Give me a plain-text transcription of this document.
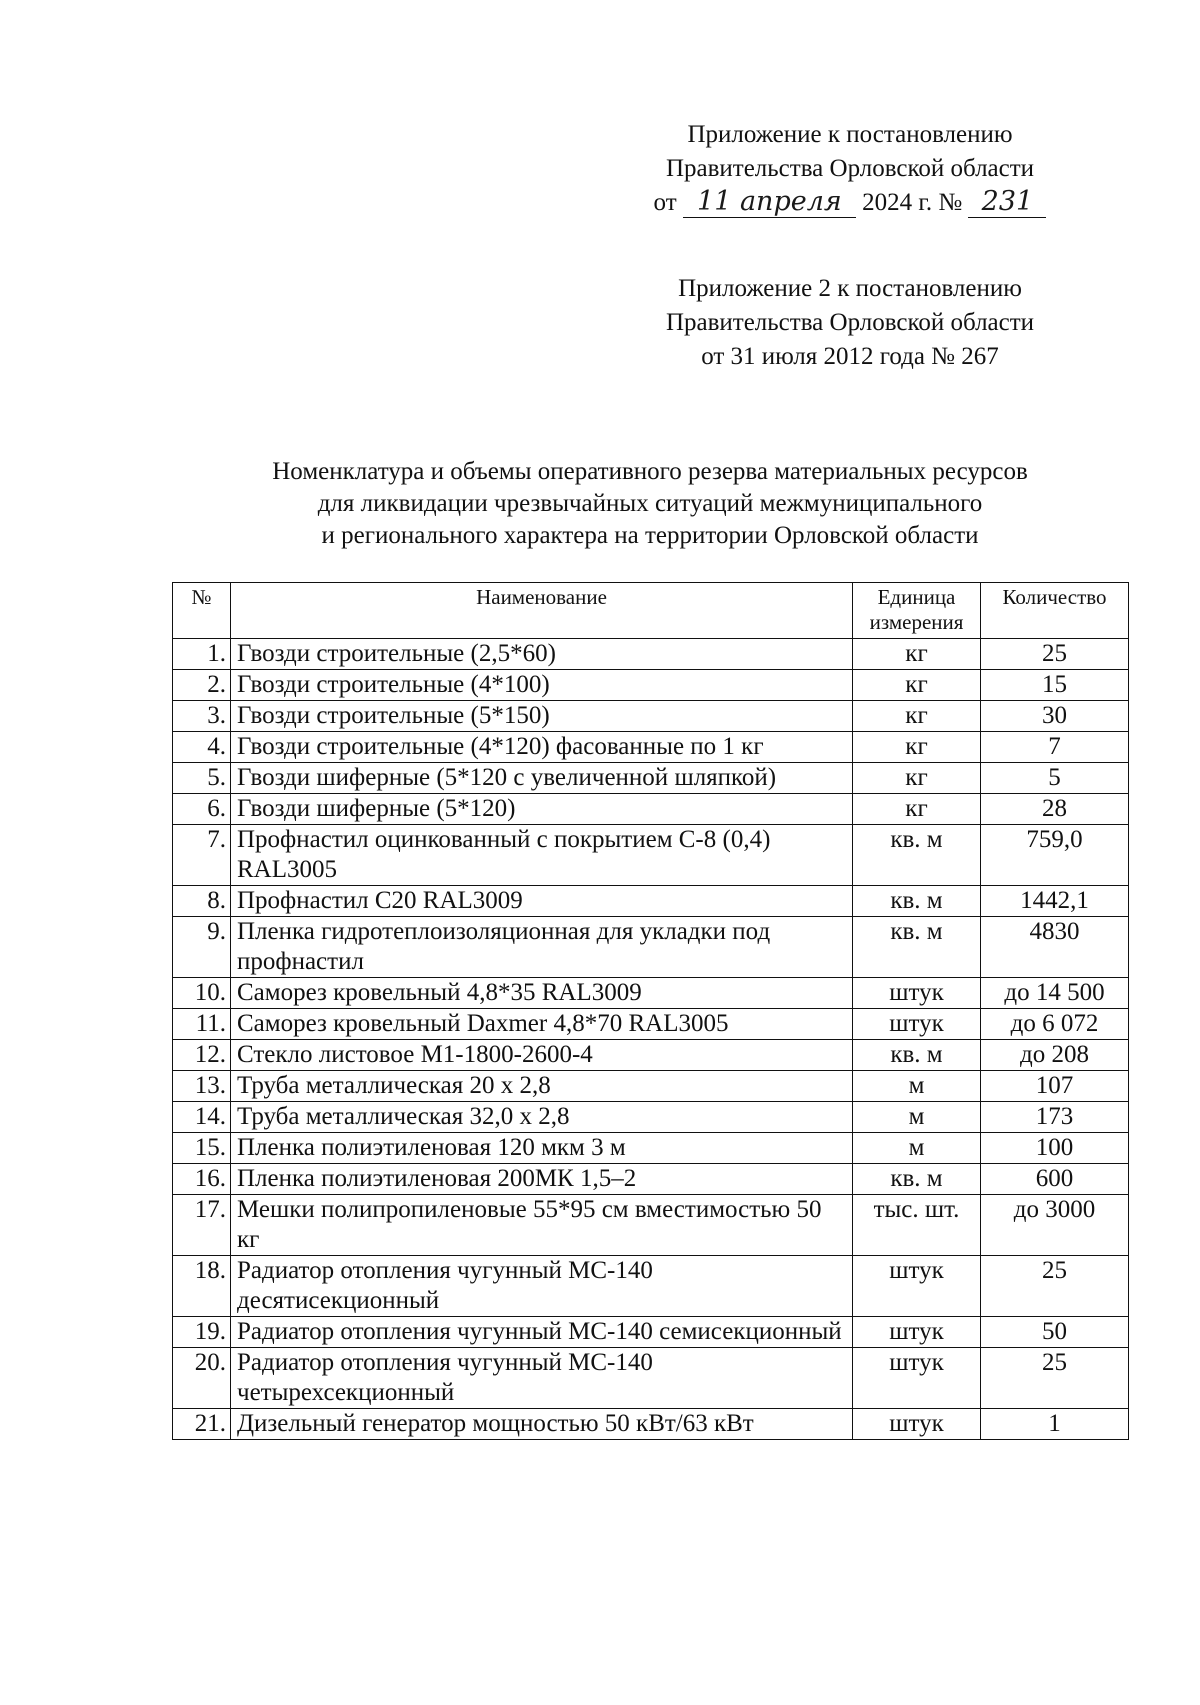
Приложение к постановлению
Правительства Орловской области
от 11 апреля 2024 г. № 231
Приложение 2 к постановлению
Правительства Орловской области
от 31 июля 2012 года № 267
Номенклатура и объемы оперативного резерва материальных ресурсов
для ликвидации чрезвычайных ситуаций межмуниципального
и регионального характера на территории Орловской области
№	Наименование	Единица измерения	Количество
1.	Гвозди строительные (2,5*60)	кг	25
2.	Гвозди строительные (4*100)	кг	15
3.	Гвозди строительные (5*150)	кг	30
4.	Гвозди строительные (4*120) фасованные по 1 кг	кг	7
5.	Гвозди шиферные (5*120 с увеличенной шляпкой)	кг	5
6.	Гвозди шиферные (5*120)	кг	28
7.	Профнастил оцинкованный с покрытием С-8 (0,4) RAL3005	кв. м	759,0
8.	Профнастил С20 RAL3009	кв. м	1442,1
9.	Пленка гидротеплоизоляционная для укладки под профнастил	кв. м	4830
10.	Саморез кровельный 4,8*35 RAL3009	штук	до 14 500
11.	Саморез кровельный Daxmer 4,8*70 RAL3005	штук	до 6 072
12.	Стекло листовое М1-1800-2600-4	кв. м	до 208
13.	Труба металлическая 20 х 2,8	м	107
14.	Труба металлическая 32,0 х 2,8	м	173
15.	Пленка полиэтиленовая 120 мкм 3 м	м	100
16.	Пленка полиэтиленовая 200МК 1,5–2	кв. м	600
17.	Мешки полипропиленовые 55*95 см вместимостью 50 кг	тыс. шт.	до 3000
18.	Радиатор отопления чугунный МС-140 десятисекционный	штук	25
19.	Радиатор отопления чугунный МС-140 семисекционный	штук	50
20.	Радиатор отопления чугунный МС-140 четырехсекционный	штук	25
21.	Дизельный генератор мощностью 50 кВт/63 кВт	штук	1
